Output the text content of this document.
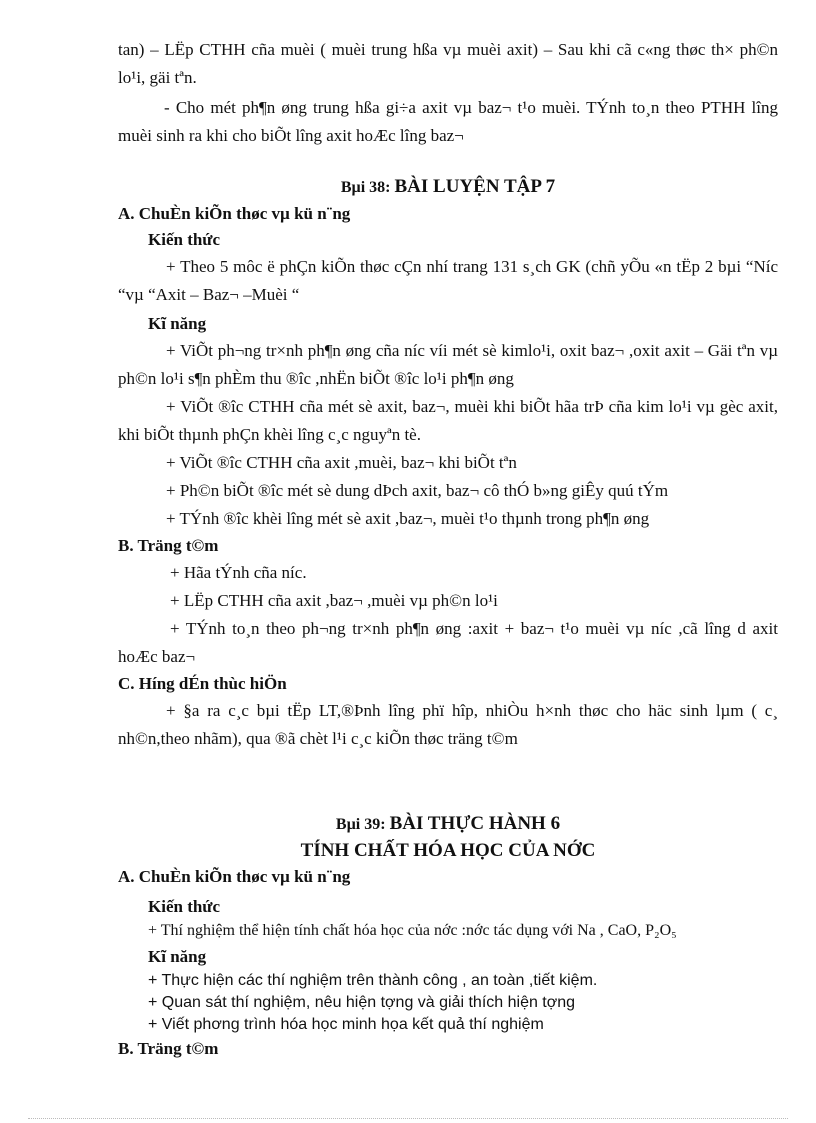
tan) – LËp CTHH cña muèi ( muèi trung hßa vµ muèi axit) – Sau khi cã c«ng thøc th× ph©n lo¹i, gäi tªn.

- Cho mét ph¶n øng trung hßa gi÷a axit vµ baz¬ t¹o muèi. TÝnh to¸n theo PTHH lîng muèi sinh ra khi cho biÕt lîng axit hoÆc lîng baz¬

Bµi 38: BÀI LUYỆN TẬP 7

A. ChuÈn kiÕn thøc vµ kü n¨ng

Kiến thức

+ Theo 5 môc ë phÇn kiÕn thøc cÇn nhí trang 131 s¸ch GK (chñ yÕu «n tËp 2 bµi “Níc “vµ “Axit – Baz¬ –Muèi “

Kĩ năng

+ ViÕt ph¬ng tr×nh ph¶n øng cña níc víi mét sè kimlo¹i, oxit baz¬ ,oxit axit – Gäi tªn vµ ph©n lo¹i s¶n phÈm thu ®îc ,nhËn biÕt ®îc lo¹i ph¶n øng

+ ViÕt ®îc CTHH cña mét sè axit, baz¬, muèi khi biÕt hãa trÞ cña kim lo¹i vµ gèc axit, khi biÕt thµnh phÇn khèi lîng c¸c nguyªn tè.

+ ViÕt ®îc CTHH cña axit ,muèi, baz¬ khi biÕt tªn

+ Ph©n biÕt ®îc mét sè dung dÞch axit, baz¬ cô thÓ b»ng giÊy quú tÝm

+ TÝnh ®îc khèi lîng mét sè axit ,baz¬, muèi t¹o thµnh trong ph¶n øng

B. Träng t©m

+ Hãa tÝnh cña níc.

+ LËp CTHH cña axit ,baz¬ ,muèi vµ ph©n lo¹i

+ TÝnh to¸n theo ph¬ng tr×nh ph¶n øng :axit + baz¬ t¹o muèi vµ níc ,cã lîng d axit hoÆc baz¬

C. Híng dÉn thùc hiÖn

+ §a ra c¸c bµi tËp LT,®Þnh lîng phï hîp, nhiÒu h×nh thøc cho häc sinh lµm ( c¸ nh©n,theo nhãm), qua ®ã chèt l¹i c¸c kiÕn thøc träng t©m

Bµi 39: BÀI THỰC HÀNH 6

TÍNH CHẤT HÓA HỌC CỦA NỚC

A. ChuÈn kiÕn thøc vµ kü n¨ng

Kiến thức

+ Thí nghiệm thể hiện tính chất hóa học của nớc :nớc tác dụng với Na , CaO, P₂O₅

Kĩ năng

+ Thực hiện các thí nghiệm trên thành công , an toàn ,tiết kiệm.

+ Quan sát thí nghiệm, nêu hiện tợng và giải thích hiện tợng

+ Viết phơng trình hóa học minh họa kết quả thí nghiệm

B. Träng t©m
